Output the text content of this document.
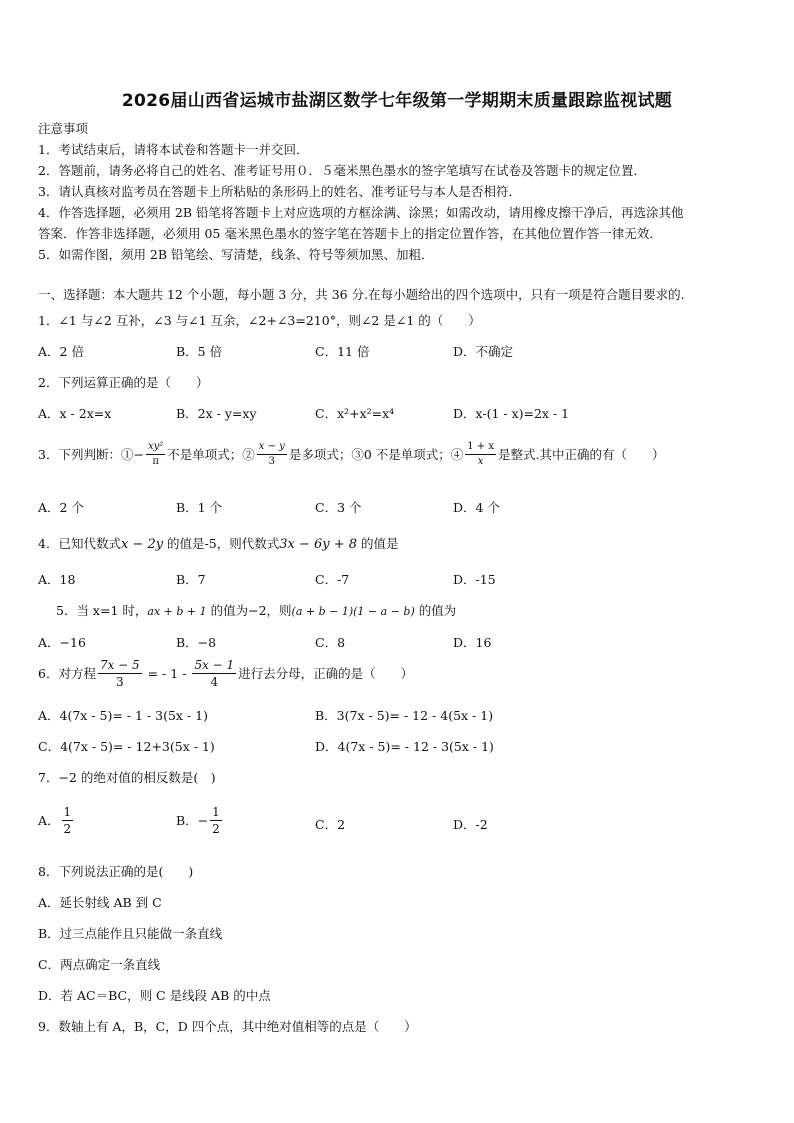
2026届山西省运城市盐湖区数学七年级第一学期期末质量跟踪监视试题
注意事项
1．考试结束后，请将本试卷和答题卡一并交回．
2．答题前，请务必将自己的姓名、准考证号用０．５毫米黑色墨水的签字笔填写在试卷及答题卡的规定位置．
3．请认真核对监考员在答题卡上所粘贴的条形码上的姓名、准考证号与本人是否相符．
4．作答选择题，必须用 2B 铅笔将答题卡上对应选项的方框涂满、涂黑；如需改动，请用橡皮擦干净后，再选涂其他
答案．作答非选择题，必须用 05 毫米黑色墨水的签字笔在答题卡上的指定位置作答，在其他位置作答一律无效．
5．如需作图，须用 2B 铅笔绘、写清楚，线条、符号等须加黑、加粗．
一、选择题：本大题共 12 个小题，每小题 3 分，共 36 分.在每小题给出的四个选项中，只有一项是符合题目要求的.
1．∠1 与∠2 互补，∠3 与∠1 互余，∠2+∠3=210°，则∠2 是∠1 的（　　）
A．2 倍	B．5 倍	C．11 倍	D．不确定
2．下列运算正确的是（　　）
A．x - 2x=x	B．2x - y=xy	C．x²+x²=x⁴	D．x-(1 - x)=2x - 1
3．下列判断：① − $\frac{\text{xy²}}{\pi}$ 不是单项式；② $\frac{x - y}{3}$ 是多项式；③0 不是单项式；④ $\frac{1 + x}{x}$ 是整式.其中正确的有（　　）
A．2 个	B．1 个	C．3 个	D．4 个
4．已知代数式x − 2y 的值是-5，则代数式3x − 6y + 8 的值是
A．18	B．7	C．-7	D．-15
5．当 x=1 时，ax + b + 1 的值为−2，则(a + b − 1)(1 − a − b) 的值为
A．−16	B．−8	C．8	D．16
6．对方程 $\frac{7x - 5}{3}$ = - $1 - \frac{5x - 1}{4}$ 进行去分母，正确的是（　　）
A．4(7x - 5)= - 1 - 3(5x - 1)	B．3(7x - 5)= - 12 - 4(5x - 1)
C．4(7x - 5)= - 12+3(5x - 1)	D．4(7x - 5)= - 12 - 3(5x - 1)
7．−2 的绝对值的相反数是(　)
A． $\frac{1}{2}$	B．− $\frac{1}{2}$	C．2	D．-2
8．下列说法正确的是(　　)
A．延长射线 AB 到 C
B．过三点能作且只能做一条直线
C．两点确定一条直线
D．若 AC＝BC，则 C 是线段 AB 的中点
9．数轴上有 A，B，C，D 四个点，其中绝对值相等的点是（　　）
